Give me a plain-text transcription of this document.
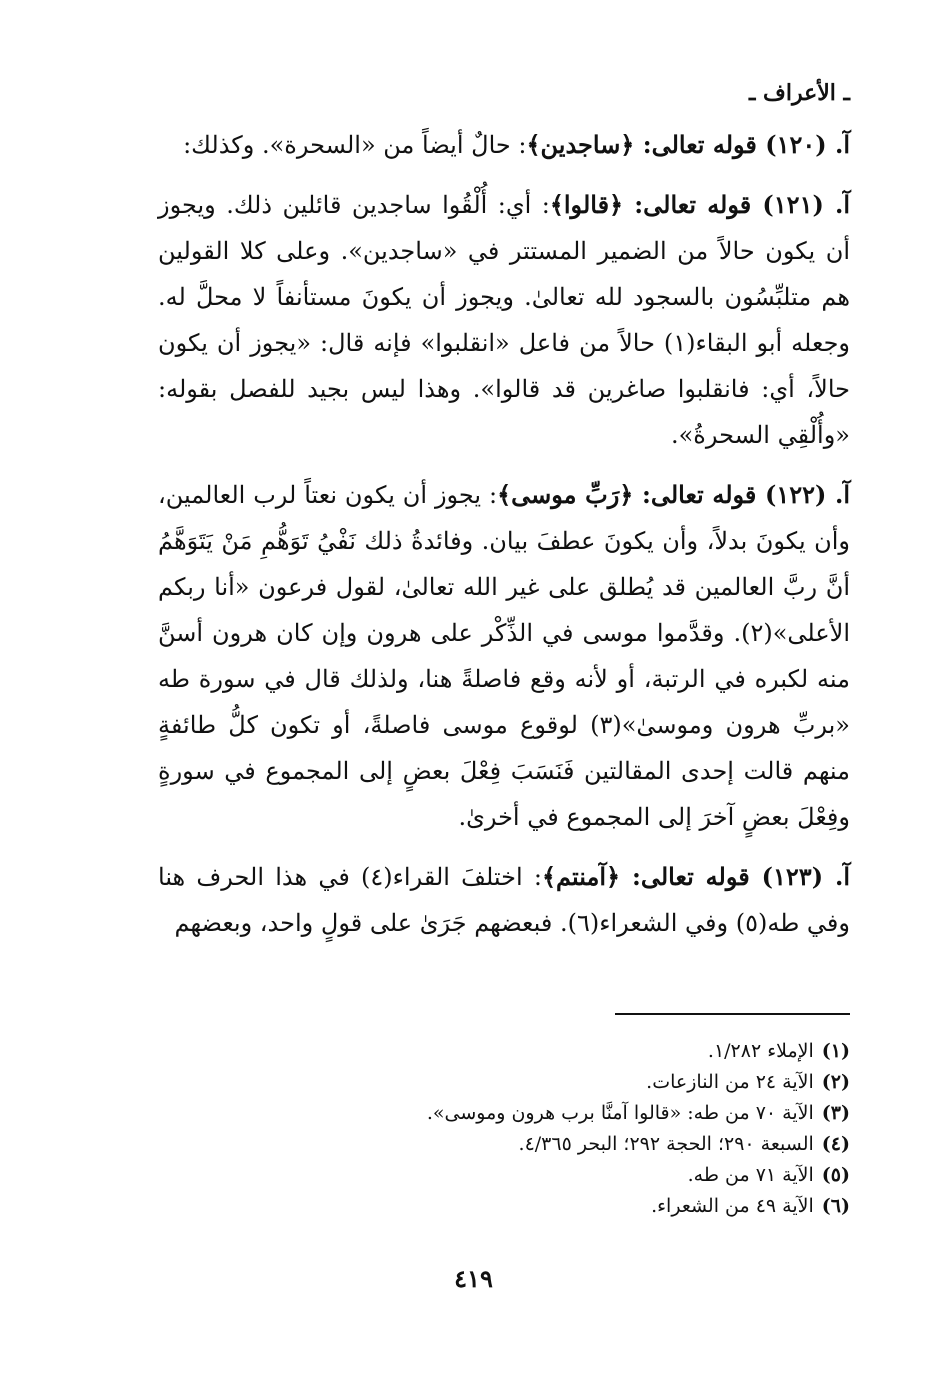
ـ الأعراف ـ

آ. (١٢٠) قوله تعالى: ﴿ساجدين﴾: حالٌ أيضاً من «السحرة». وكذلك:

آ. (١٢١) قوله تعالى: ﴿قالوا﴾: أي: أُلْقُوا ساجدين قائلين ذلك. ويجوز أن يكون حالاً من الضمير المستتر في «ساجدين». وعلى كلا القولين هم متلبِّسُون بالسجود لله تعالىٰ. ويجوز أن يكونَ مستأنفاً لا محلَّ له. وجعله أبو البقاء(١) حالاً من فاعل «انقلبوا» فإنه قال: «يجوز أن يكون حالاً، أي: فانقلبوا صاغرين قد قالوا». وهذا ليس بجيد للفصل بقوله: «وأُلْقِي السحرةُ».

آ. (١٢٢) قوله تعالى: ﴿رَبِّ موسى﴾: يجوز أن يكون نعتاً لرب العالمين، وأن يكونَ بدلاً، وأن يكونَ عطفَ بيان. وفائدةُ ذلك نَفْيُ تَوَهُّمِ مَنْ يَتَوَهَّمُ أنَّ ربَّ العالمين قد يُطلق على غير الله تعالىٰ، لقول فرعون «أنا ربكم الأعلى»(٢). وقدَّموا موسى في الذِّكْر على هرون وإن كان هرون أسنَّ منه لكبره في الرتبة، أو لأنه وقع فاصلةً هنا، ولذلك قال في سورة طه «بربِّ هرون وموسىٰ»(٣) لوقوع موسى فاصلةً، أو تكون كلُّ طائفةٍ منهم قالت إحدى المقالتين فَنَسَبَ فِعْلَ بعضٍ إلى المجموع في سورةٍ وفِعْلَ بعضٍ آخرَ إلى المجموع في أخرىٰ.

آ. (١٢٣) قوله تعالى: ﴿آمنتم﴾: اختلفَ القراء(٤) في هذا الحرف هنا وفي طه(٥) وفي الشعراء(٦). فبعضهم جَرَىٰ على قولٍ واحد، وبعضهم

(١)الإملاء ١/٢٨٢.
(٢)الآية ٢٤ من النازعات.
(٣)الآية ٧٠ من طه: «قالوا آمنَّا برب هرون وموسى».
(٤)السبعة ٢٩٠؛ الحجة ٢٩٢؛ البحر ٤/٣٦٥.
(٥)الآية ٧١ من طه.
(٦)الآية ٤٩ من الشعراء.
٤١٩
